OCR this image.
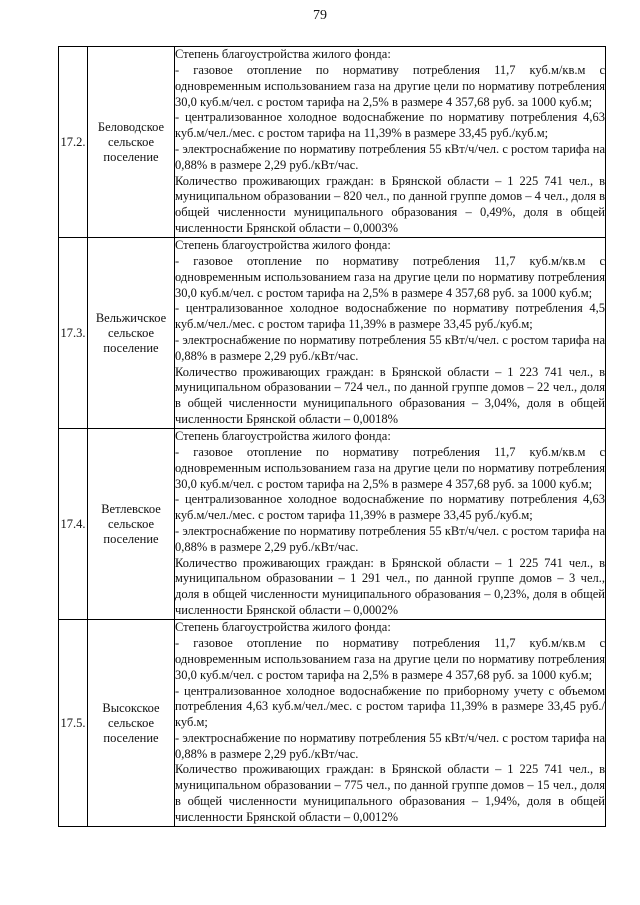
79
17.2.	Беловодское сельское поселение	Степень благоустройства жилого фонда:

- газовое отопление по нормативу потребления 11,7 куб.м/кв.м с одновременным использованием газа на другие цели по нормативу потребления 30,0 куб.м/чел. с ростом тарифа на 2,5% в размере 4 357,68 руб. за 1000 куб.м;

- централизованное холодное водоснабжение по нормативу потребления 4,63 куб.м/чел./мес. с ростом тарифа на 11,39% в размере 33,45 руб./куб.м;

- электроснабжение по нормативу потребления 55 кВт/ч/чел. с ростом тарифа на 0,88% в размере 2,29 руб./кВт/час.

Количество проживающих граждан: в Брянской области – 1 225 741 чел., в муниципальном образовании – 820 чел., по данной группе домов – 4 чел., доля в общей численности муниципального образования – 0,49%, доля в общей численности Брянской области – 0,0003%

17.3.	Вельжичское сельское поселение	Степень благоустройства жилого фонда:

- газовое отопление по нормативу потребления 11,7 куб.м/кв.м с одновременным использованием газа на другие цели по нормативу потребления 30,0 куб.м/чел. с ростом тарифа на 2,5% в размере 4 357,68 руб. за 1000 куб.м;

- централизованное холодное водоснабжение по нормативу потребления 4,5 куб.м/чел./мес. с ростом тарифа 11,39% в размере 33,45 руб./куб.м;

- электроснабжение по нормативу потребления 55 кВт/ч/чел. с ростом тарифа на 0,88% в размере 2,29 руб./кВт/час.

Количество проживающих граждан: в Брянской области – 1 223 741 чел., в муниципальном образовании – 724 чел., по данной группе домов – 22 чел., доля в общей численности муниципального образования – 3,04%, доля в общей численности Брянской области – 0,0018%

17.4.	Ветлевское сельское поселение	Степень благоустройства жилого фонда:

- газовое отопление по нормативу потребления 11,7 куб.м/кв.м с одновременным использованием газа на другие цели по нормативу потребления 30,0 куб.м/чел. с ростом тарифа на 2,5% в размере 4 357,68 руб. за 1000 куб.м;

- централизованное холодное водоснабжение по нормативу потребления 4,63 куб.м/чел./мес. с ростом тарифа 11,39% в размере 33,45 руб./куб.м;

- электроснабжение по нормативу потребления 55 кВт/ч/чел. с ростом тарифа на 0,88% в размере 2,29 руб./кВт/час.

Количество проживающих граждан: в Брянской области – 1 225 741 чел., в муниципальном образовании – 1 291 чел., по данной группе домов – 3 чел., доля в общей численности муниципального образования – 0,23%, доля в общей численности Брянской области – 0,0002%

17.5.	Высокское сельское поселение	Степень благоустройства жилого фонда:

- газовое отопление по нормативу потребления 11,7 куб.м/кв.м с одновременным использованием газа на другие цели по нормативу потребления 30,0 куб.м/чел. с ростом тарифа на 2,5% в размере 4 357,68 руб. за 1000 куб.м;

- централизованное холодное водоснабжение по приборному учету с объемом потребления 4,63 куб.м/чел./мес. с ростом тарифа 11,39% в размере 33,45 руб./куб.м;

- электроснабжение по нормативу потребления 55 кВт/ч/чел. с ростом тарифа на 0,88% в размере 2,29 руб./кВт/час.

Количество проживающих граждан: в Брянской области – 1 225 741 чел., в муниципальном образовании – 775 чел., по данной группе домов – 15 чел., доля в общей численности муниципального образования – 1,94%, доля в общей численности Брянской области – 0,0012%
